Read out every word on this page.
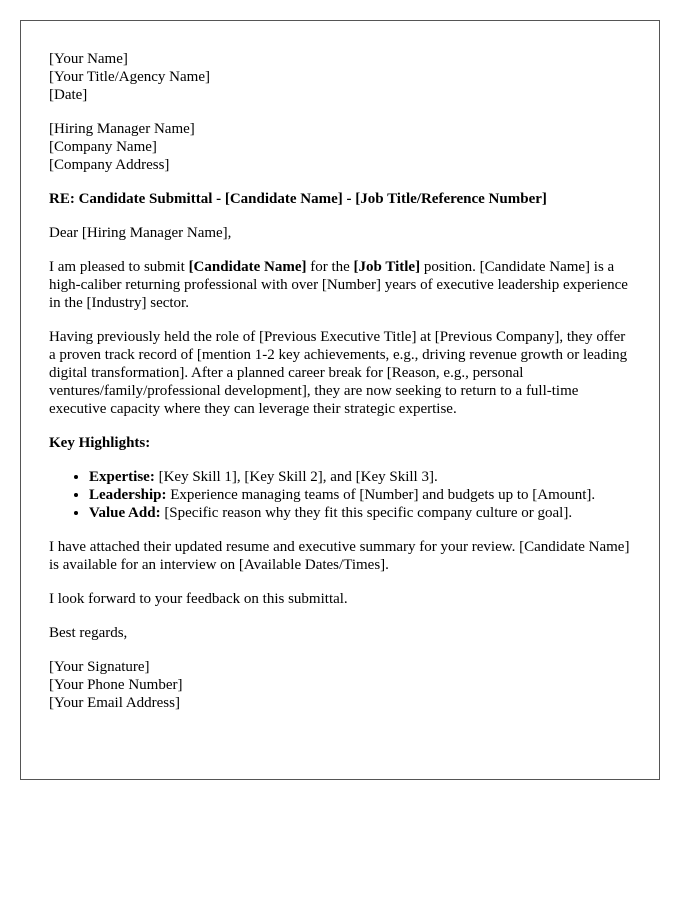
[Your Name]
[Your Title/Agency Name]
[Date]
[Hiring Manager Name]
[Company Name]
[Company Address]
RE: Candidate Submittal - [Candidate Name] - [Job Title/Reference Number]

Dear [Hiring Manager Name],

I am pleased to submit [Candidate Name] for the [Job Title] position. [Candidate Name] is a high-caliber returning professional with over [Number] years of executive leadership experience in the [Industry] sector.

Having previously held the role of [Previous Executive Title] at [Previous Company], they offer a proven track record of [mention 1-2 key achievements, e.g., driving revenue growth or leading digital transformation]. After a planned career break for [Reason, e.g., personal ventures/family/professional development], they are now seeking to return to a full-time executive capacity where they can leverage their strategic expertise.

Key Highlights:
• Expertise: [Key Skill 1], [Key Skill 2], and [Key Skill 3].
• Leadership: Experience managing teams of [Number] and budgets up to [Amount].
• Value Add: [Specific reason why they fit this specific company culture or goal].

I have attached their updated resume and executive summary for your review. [Candidate Name] is available for an interview on [Available Dates/Times].

I look forward to your feedback on this submittal.

Best regards,

[Your Signature]
[Your Phone Number]
[Your Email Address]
